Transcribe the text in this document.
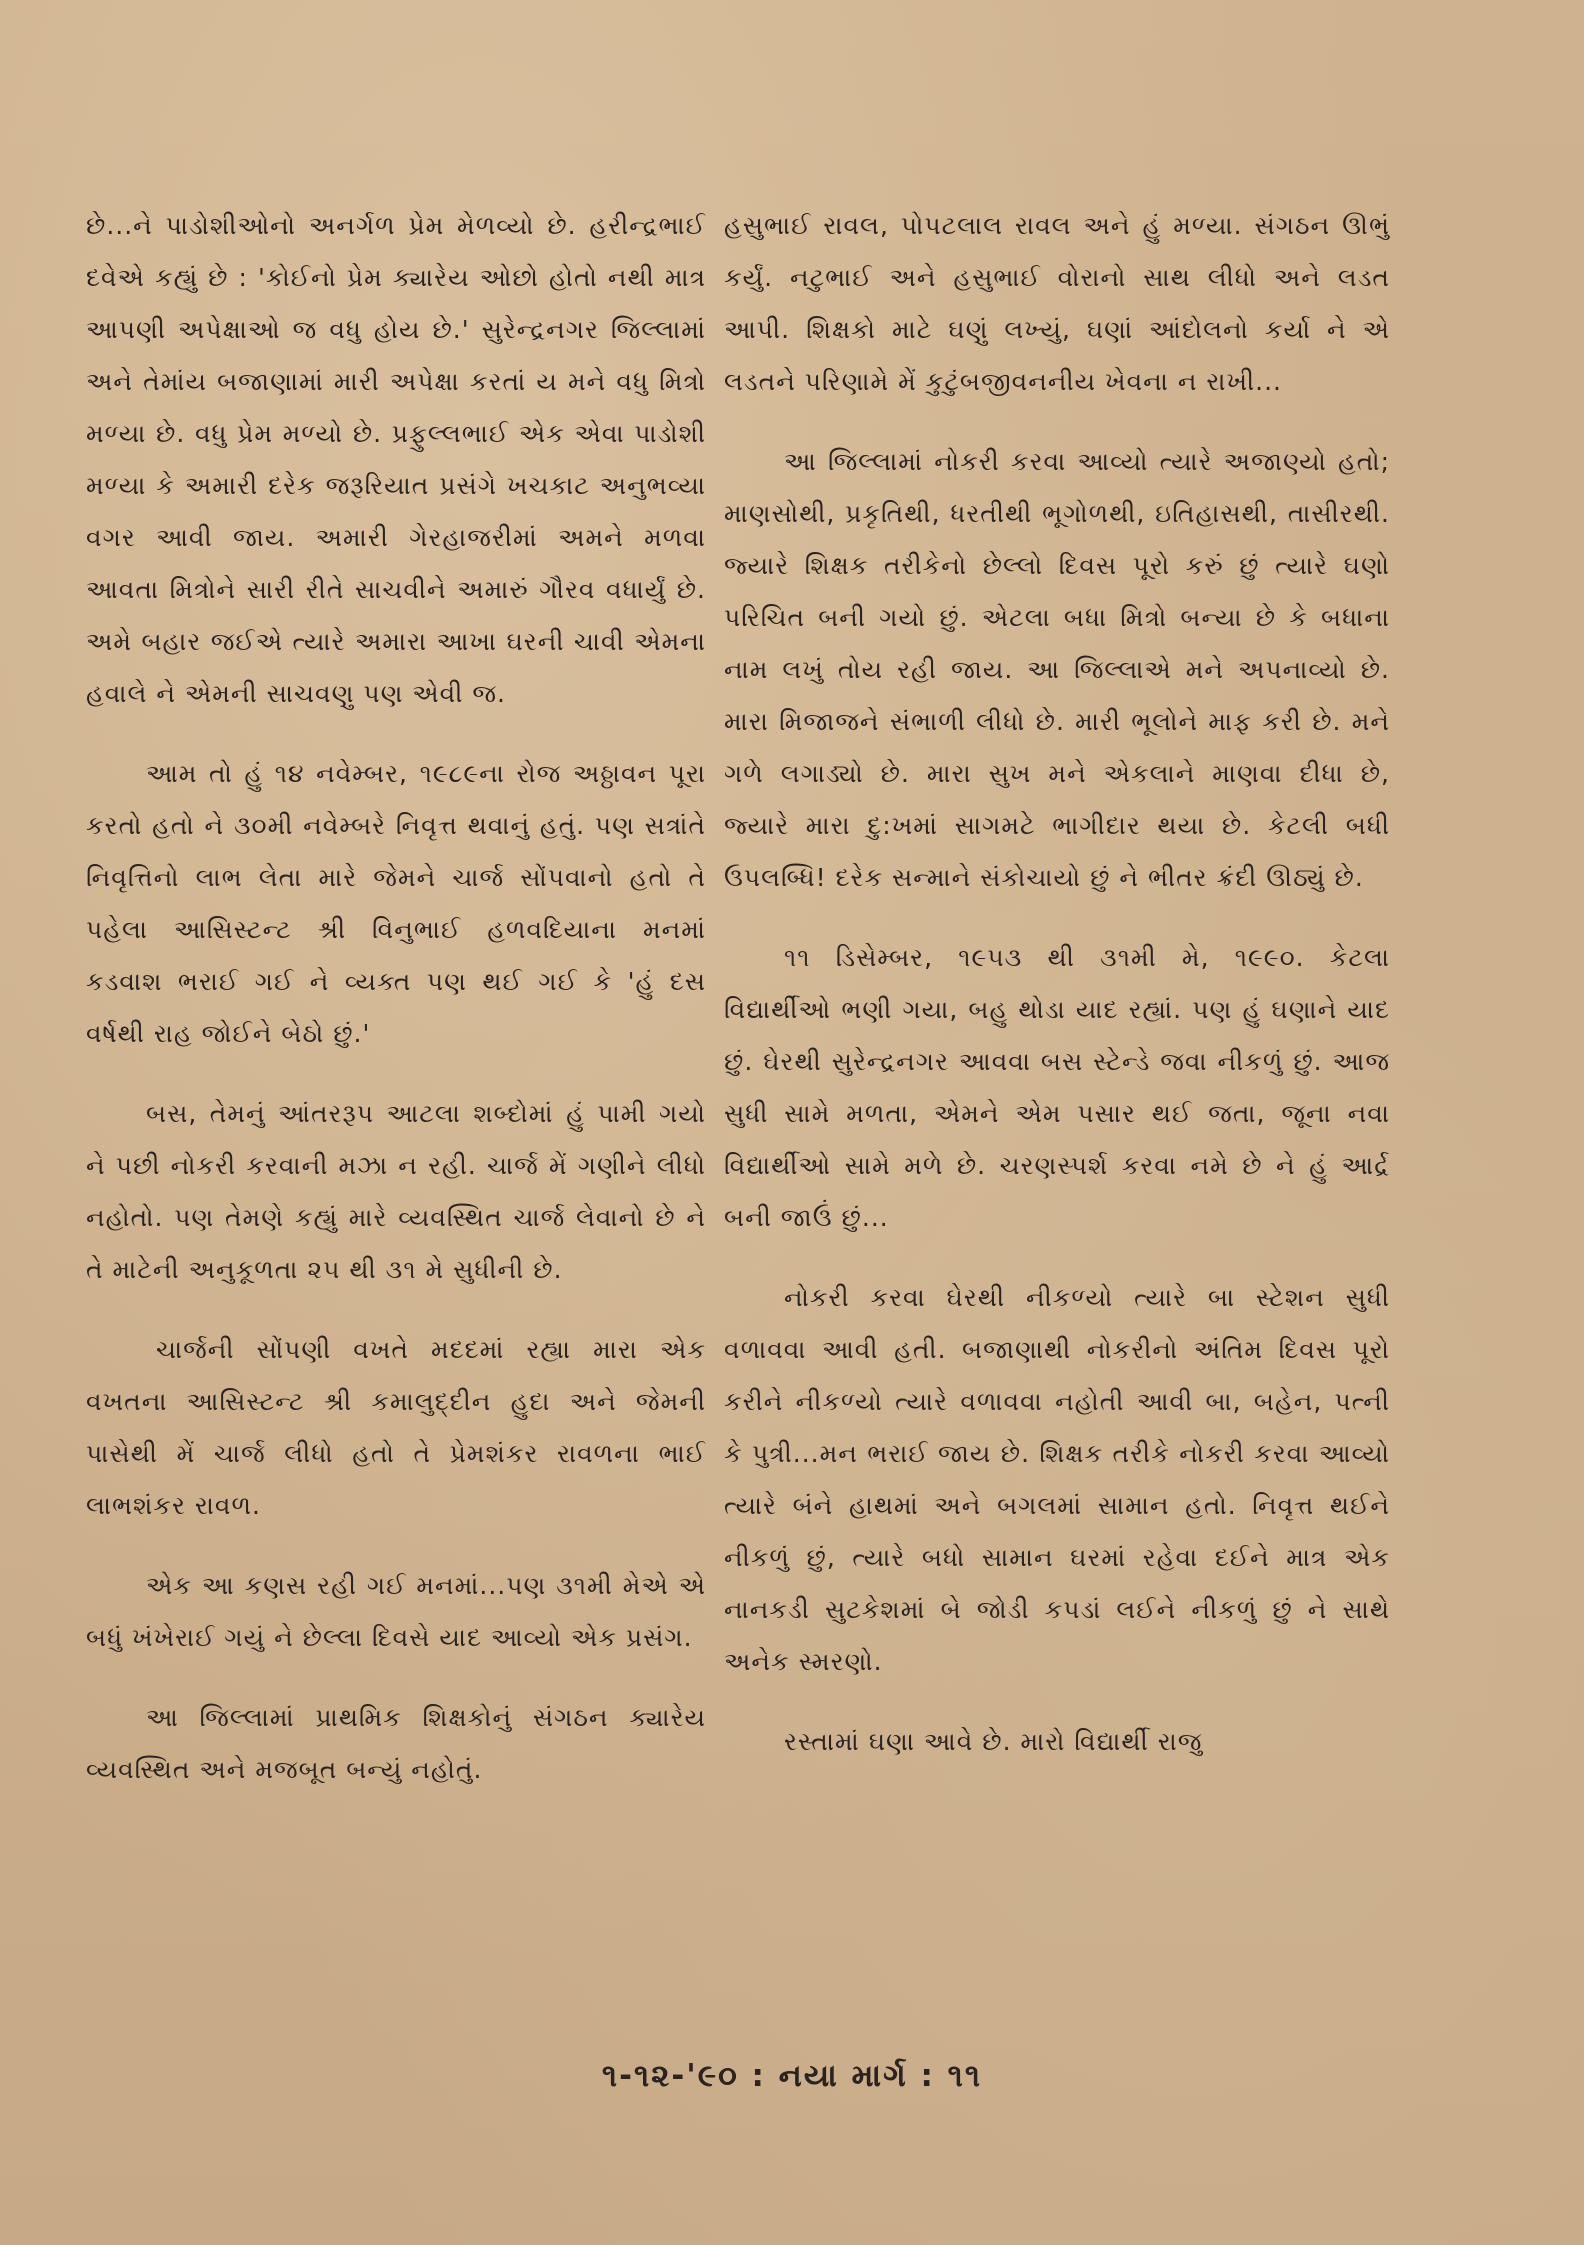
છે...ને પાડોશીઓનો અનર્ગળ પ્રેમ મેળવ્યો છે. હરીન્દ્રભાઈ દવેએ કહ્યું છે : 'કોઈનો પ્રેમ ક્યારેય ઓછો હોતો નથી માત્ર આપણી અપેક્ષાઓ જ વધુ હોય છે.' સુરેન્દ્રનગર જિલ્લામાં અને તેમાંય બજાણામાં મારી અપેક્ષા કરતાં ય મને વધુ મિત્રો મળ્યા છે. વધુ પ્રેમ મળ્યો છે. પ્રફુલ્લભાઈ એક એવા પાડોશી મળ્યા કે અમારી દરેક જરૂરિયાત પ્રસંગે ખચકાટ અનુભવ્યા વગર આવી જાય. અમારી ગેરહાજરીમાં અમને મળવા આવતા મિત્રોને સારી રીતે સાચવીને અમારું ગૌરવ વધાર્યું છે. અમે બહાર જઈએ ત્યારે અમારા આખા ઘરની ચાવી એમના હવાલે ને એમની સાચવણુ પણ એવી જ.

આમ તો હું ૧૪ નવેમ્બર, ૧૯૮૯ના રોજ અઠ્ઠાવન પૂરા કરતો હતો ને ૩૦મી નવેમ્બરે નિવૃત્ત થવાનું હતું. પણ સત્રાંતે નિવૃત્તિનો લાભ લેતા મારે જેમને ચાર્જ સોંપવાનો હતો તે પહેલા આસિસ્ટન્ટ શ્રી વિનુભાઈ હળવદિયાના મનમાં કડવાશ ભરાઈ ગઈ ને વ્યક્ત પણ થઈ ગઈ કે 'હું દસ વર્ષથી રાહ જોઈને બેઠો છું.'

બસ, તેમનું આંતરરૂપ આટલા શબ્દોમાં હું પામી ગયો ને પછી નોકરી કરવાની મઝા ન રહી. ચાર્જ મેં ગણીને લીધો નહોતો. પણ તેમણે કહ્યું મારે વ્યવસ્થિત ચાર્જ લેવાનો છે ને તે માટેની અનુકૂળતા ૨૫ થી ૩૧ મે સુધીની છે.

ચાર્જની સોંપણી વખતે મદદમાં રહ્યા મારા એક વખતના આસિસ્ટન્ટ શ્રી કમાલુદ્દીન હુદા અને જેમની પાસેથી મેં ચાર્જ લીધો હતો તે પ્રેમશંકર રાવળના ભાઈ લાભશંકર રાવળ.

એક આ કણસ રહી ગઈ મનમાં...પણ ૩૧મી મેએ એ બધું ખંખેરાઈ ગયું ને છેલ્લા દિવસે યાદ આવ્યો એક પ્રસંગ.

આ જિલ્લામાં પ્રાથમિક શિક્ષકોનું સંગઠન ક્યારેય વ્યવસ્થિત અને મજબૂત બન્યું નહોતું.

હસુભાઈ રાવલ, પોપટલાલ રાવલ અને હું મળ્યા. સંગઠન ઊભું કર્યું. નટુભાઈ અને હસુભાઈ વોરાનો સાથ લીધો અને લડત આપી. શિક્ષકો માટે ઘણું લખ્યું, ઘણાં આંદોલનો કર્યા ને એ લડતને પરિણામે મેં કુટુંબજીવનનીય ખેવના ન રાખી...

આ જિલ્લામાં નોકરી કરવા આવ્યો ત્યારે અજાણ્યો હતો; માણસોથી, પ્રકૃતિથી, ધરતીથી ભૂગોળથી, ઇતિહાસથી, તાસીરથી. જ્યારે શિક્ષક તરીકેનો છેલ્લો દિવસ પૂરો કરું છું ત્યારે ઘણો પરિચિત બની ગયો છું. એટલા બધા મિત્રો બન્યા છે કે બધાના નામ લખું તોય રહી જાય. આ જિલ્લાએ મને અપનાવ્યો છે. મારા મિજાજને સંભાળી લીધો છે. મારી ભૂલોને માફ કરી છે. મને ગળે લગાડ્યો છે. મારા સુખ મને એકલાને માણવા દીધા છે, જ્યારે મારા દુ:ખમાં સાગમટે ભાગીદાર થયા છે. કેટલી બધી ઉપલબ્ધિ! દરેક સન્માને સંકોચાયો છું ને ભીતર ક્રંદી ઊઠ્યું છે.

૧૧ ડિસેમ્બર, ૧૯૫૩ થી ૩૧મી મે, ૧૯૯૦. કેટલા વિદ્યાર્થીઓ ભણી ગયા, બહુ થોડા યાદ રહ્યાં. પણ હું ઘણાને યાદ છું. ઘેરથી સુરેન્દ્રનગર આવવા બસ સ્ટેન્ડે જવા નીકળું છું. આજ સુધી સામે મળતા, એમને એમ પસાર થઈ જતા, જૂના નવા વિદ્યાર્થીઓ સામે મળે છે. ચરણસ્પર્શ કરવા નમે છે ને હું આર્દ્ર બની જાઉં છું...

નોકરી કરવા ઘેરથી નીકળ્યો ત્યારે બા સ્ટેશન સુધી વળાવવા આવી હતી. બજાણાથી નોકરીનો અંતિમ દિવસ પૂરો કરીને નીકળ્યો ત્યારે વળાવવા નહોતી આવી બા, બહેન, પત્ની કે પુત્રી...મન ભરાઈ જાય છે. શિક્ષક તરીકે નોકરી કરવા આવ્યો ત્યારે બંને હાથમાં અને બગલમાં સામાન હતો. નિવૃત્ત થઈને નીકળું છું, ત્યારે બધો સામાન ઘરમાં રહેવા દઈને માત્ર એક નાનકડી સુટકેશમાં બે જોડી કપડાં લઈને નીકળું છું ને સાથે અનેક સ્મરણો.

રસ્તામાં ઘણા આવે છે. મારો વિદ્યાર્થી રાજુ

૧-૧૨-'૯૦ : નયા માર્ગ : ૧૧
